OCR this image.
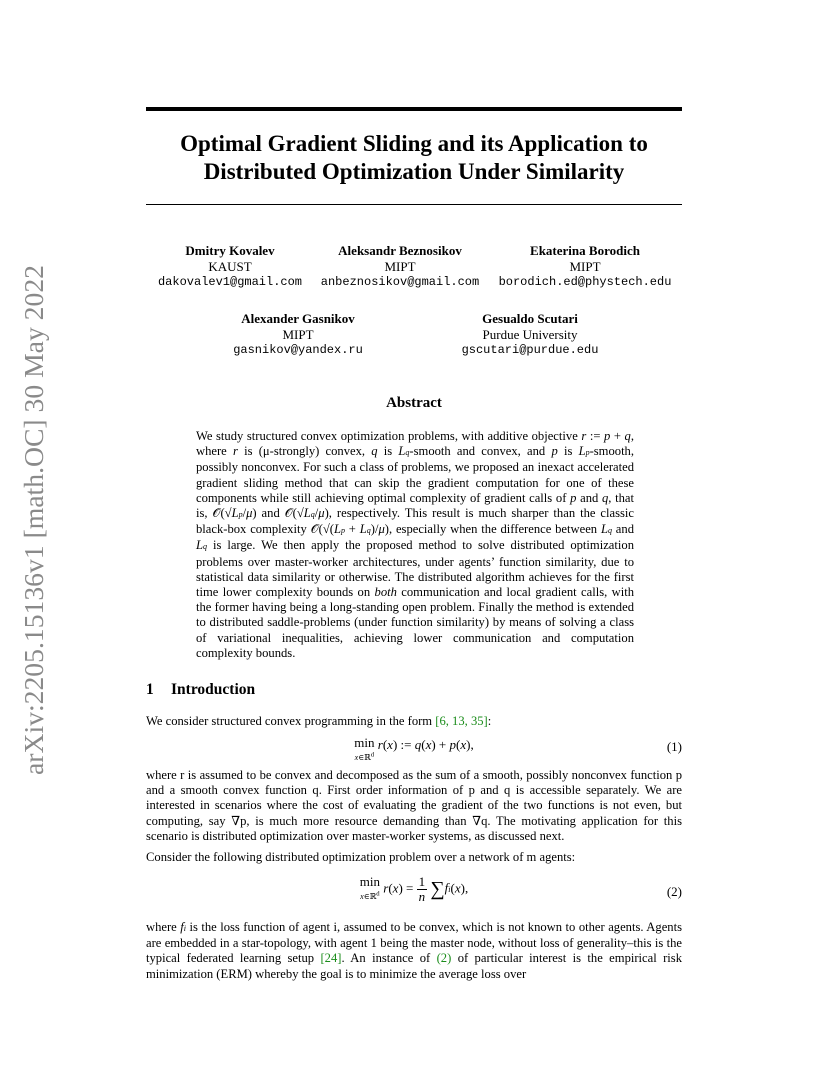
arXiv:2205.15136v1 [math.OC] 30 May 2022
Optimal Gradient Sliding and its Application to
Distributed Optimization Under Similarity
Dmitry Kovalev
KAUST
dakovalev1@gmail.com
Aleksandr Beznosikov
MIPT
anbeznosikov@gmail.com
Ekaterina Borodich
MIPT
borodich.ed@phystech.edu
Alexander Gasnikov
MIPT
gasnikov@yandex.ru
Gesualdo Scutari
Purdue University
gscutari@purdue.edu
Abstract
We study structured convex optimization problems, with additive objective r := p + q, where r is (μ-strongly) convex, q is Lq-smooth and convex, and p is Lp-smooth, possibly nonconvex. For such a class of problems, we proposed an inexact accelerated gradient sliding method that can skip the gradient computation for one of these components while still achieving optimal complexity of gradient calls of p and q, that is, 𝒪(√Lp/μ) and 𝒪(√Lq/μ), respectively. This result is much sharper than the classic black-box complexity 𝒪(√(Lp + Lq)/μ), especially when the difference between Lq and Lq is large. We then apply the proposed method to solve distributed optimization problems over master-worker architectures, under agents’ function similarity, due to statistical data similarity or otherwise. The distributed algorithm achieves for the first time lower complexity bounds on both communication and local gradient calls, with the former having being a long-standing open problem. Finally the method is extended to distributed saddle-problems (under function similarity) by means of solving a class of variational inequalities, achieving lower communication and computation complexity bounds.
1 Introduction
We consider structured convex programming in the form [6, 13, 35]:
min
x∈ℝ$^d$ r(x) := q(x) + p(x),	(1)
where r is assumed to be convex and decomposed as the sum of a smooth, possibly nonconvex function p and a smooth convex function q. First order information of p and q is accessible separately. We are interested in scenarios where the cost of evaluating the gradient of the two functions is not even, but computing, say ∇p, is much more resource demanding than ∇q. The motivating application for this scenario is distributed optimization over master-worker systems, as discussed next.
Consider the following distributed optimization problem over a network of m agents:
min
x∈ℝ$^d$ r(x) = 1
n ∑fi(x),	(2)
where fi is the loss function of agent i, assumed to be convex, which is not known to other agents. Agents are embedded in a star-topology, with agent 1 being the master node, without loss of generality–this is the typical federated learning setup [24]. An instance of (2) of particular interest is the empirical risk minimization (ERM) whereby the goal is to minimize the average loss over
